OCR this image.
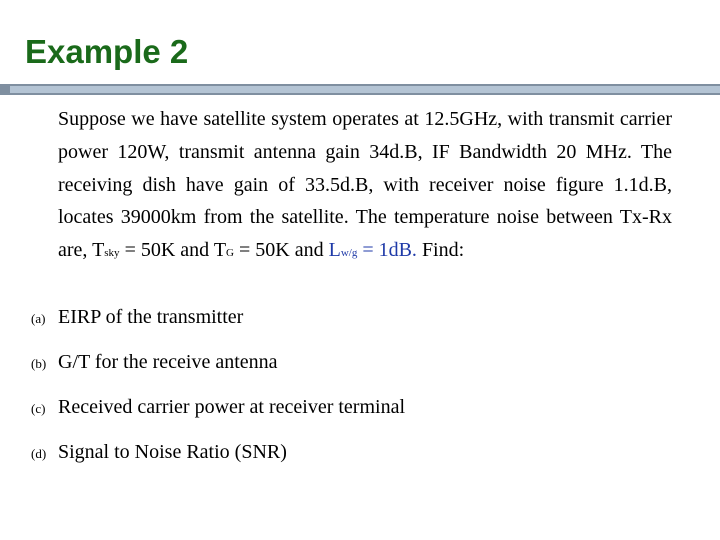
Example 2

Suppose we have satellite system operates at 12.5GHz, with transmit carrier power 120W, transmit antenna gain 34d.B, IF Bandwidth 20 MHz. The receiving dish have gain of 33.5d.B, with receiver noise figure 1.1d.B, locates 39000km from the satellite. The temperature noise between Tx-Rx are, Tsky = 50K and TG = 50K and Lw/g = 1dB. Find:

(a) EIRP of the transmitter
(b) G/T for the receive antenna
(c) Received carrier power at receiver terminal
(d) Signal to Noise Ratio (SNR)
